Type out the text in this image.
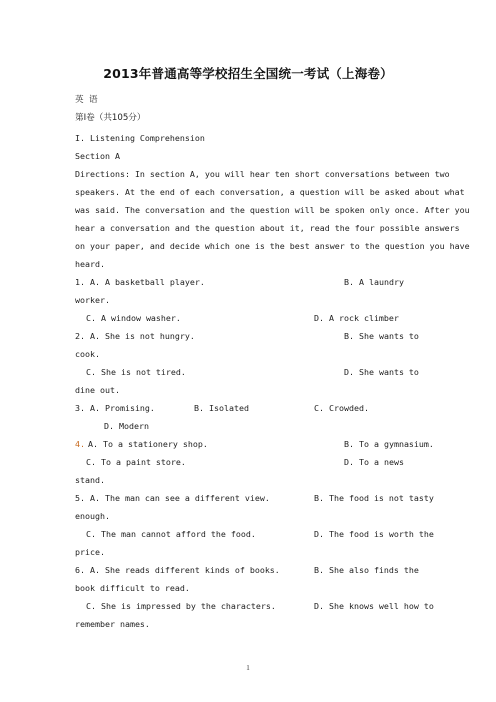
2013年普通高等学校招生全国统一考试（上海卷）
英  语
第Ⅰ卷（共105分）
I. Listening Comprehension
Section A
Directions: In section A, you will hear ten short conversations between two
speakers. At the end of each conversation, a question will be asked about what
was said. The conversation and the question will be spoken only once. After you
hear a conversation and the question about it, read the four possible answers
on your paper, and decide which one is the best answer to the question you have
heard.
1. A. A basketball player.	B. A laundry
worker.
C. A window washer.	D. A rock climber
2. A. She is not hungry.	B. She wants to
cook.
C. She is not tired.	D. She wants to
dine out.
3. A. Promising.	B. Isolated	C. Crowded.
D. Modern
4. A. To a stationery shop.	B. To a gymnasium.
C. To a paint store.	D. To a news
stand.
5. A. The man can see a different view.	B. The food is not tasty
enough.
C. The man cannot afford the food.	D. The food is worth the
price.
6. A. She reads different kinds of books.	B. She also finds the
book difficult to read.
C. She is impressed by the characters.	D. She knows well how to
remember names.
1
